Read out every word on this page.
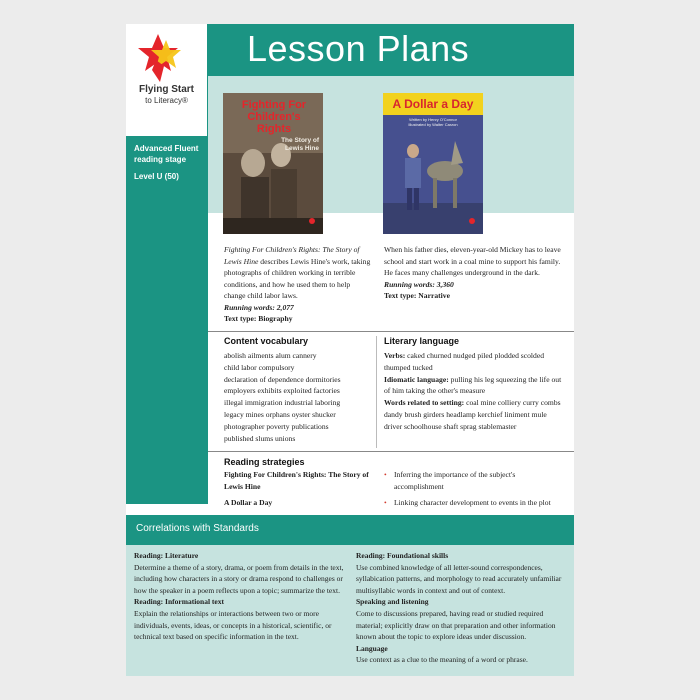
Lesson Plans
Flying Start
to Literacy®
Advanced Fluent reading stage
Level U (50)
Fighting For Children's Rights
The Story of Lewis Hine
A Dollar a Day
Written by Henry O'Connor
Illustrated by Walter Carzon
Fighting For Children's Rights: The Story of Lewis Hine describes Lewis Hine's work, taking photographs of children working in terrible conditions, and how he used them to help change child labor laws.
Running words: 2,077
Text type: Biography
When his father dies, eleven-year-old Mickey has to leave school and start work in a coal mine to support his family. He faces many challenges underground in the dark.
Running words: 3,360
Text type: Narrative
Content vocabulary

abolish ailments alum cannery

child labor compulsory

declaration of dependence dormitories

employers exhibits exploited factories

illegal immigration industrial laboring

legacy mines orphans oyster shucker

photographer poverty publications

published slums unions

Literary language

Verbs: caked churned nudged piled plodded scolded thumped tucked

Idiomatic language: pulling his leg squeezing the life out of him taking the other's measure

Words related to setting: coal mine colliery curry combs dandy brush girders headlamp kerchief liniment mule driver schoolhouse shaft sprag stablemaster

Reading strategies
Fighting For Children's Rights: The Story of Lewis Hine
• Inferring the importance of the subject's accomplishment
A Dollar a Day	• Linking character development to events in the plot
Correlations with Standards
Reading: Literature

Determine a theme of a story, drama, or poem from details in the text, including how characters in a story or drama respond to challenges or how the speaker in a poem reflects upon a topic; summarize the text.

Reading: Informational text

Explain the relationships or interactions between two or more individuals, events, ideas, or concepts in a historical, scientific, or technical text based on specific information in the text.

Reading: Foundational skills

Use combined knowledge of all letter-sound correspondences, syllabication patterns, and morphology to read accurately unfamiliar multisyllabic words in context and out of context.

Speaking and listening

Come to discussions prepared, having read or studied required material; explicitly draw on that preparation and other information known about the topic to explore ideas under discussion.

Language

Use context as a clue to the meaning of a word or phrase.
